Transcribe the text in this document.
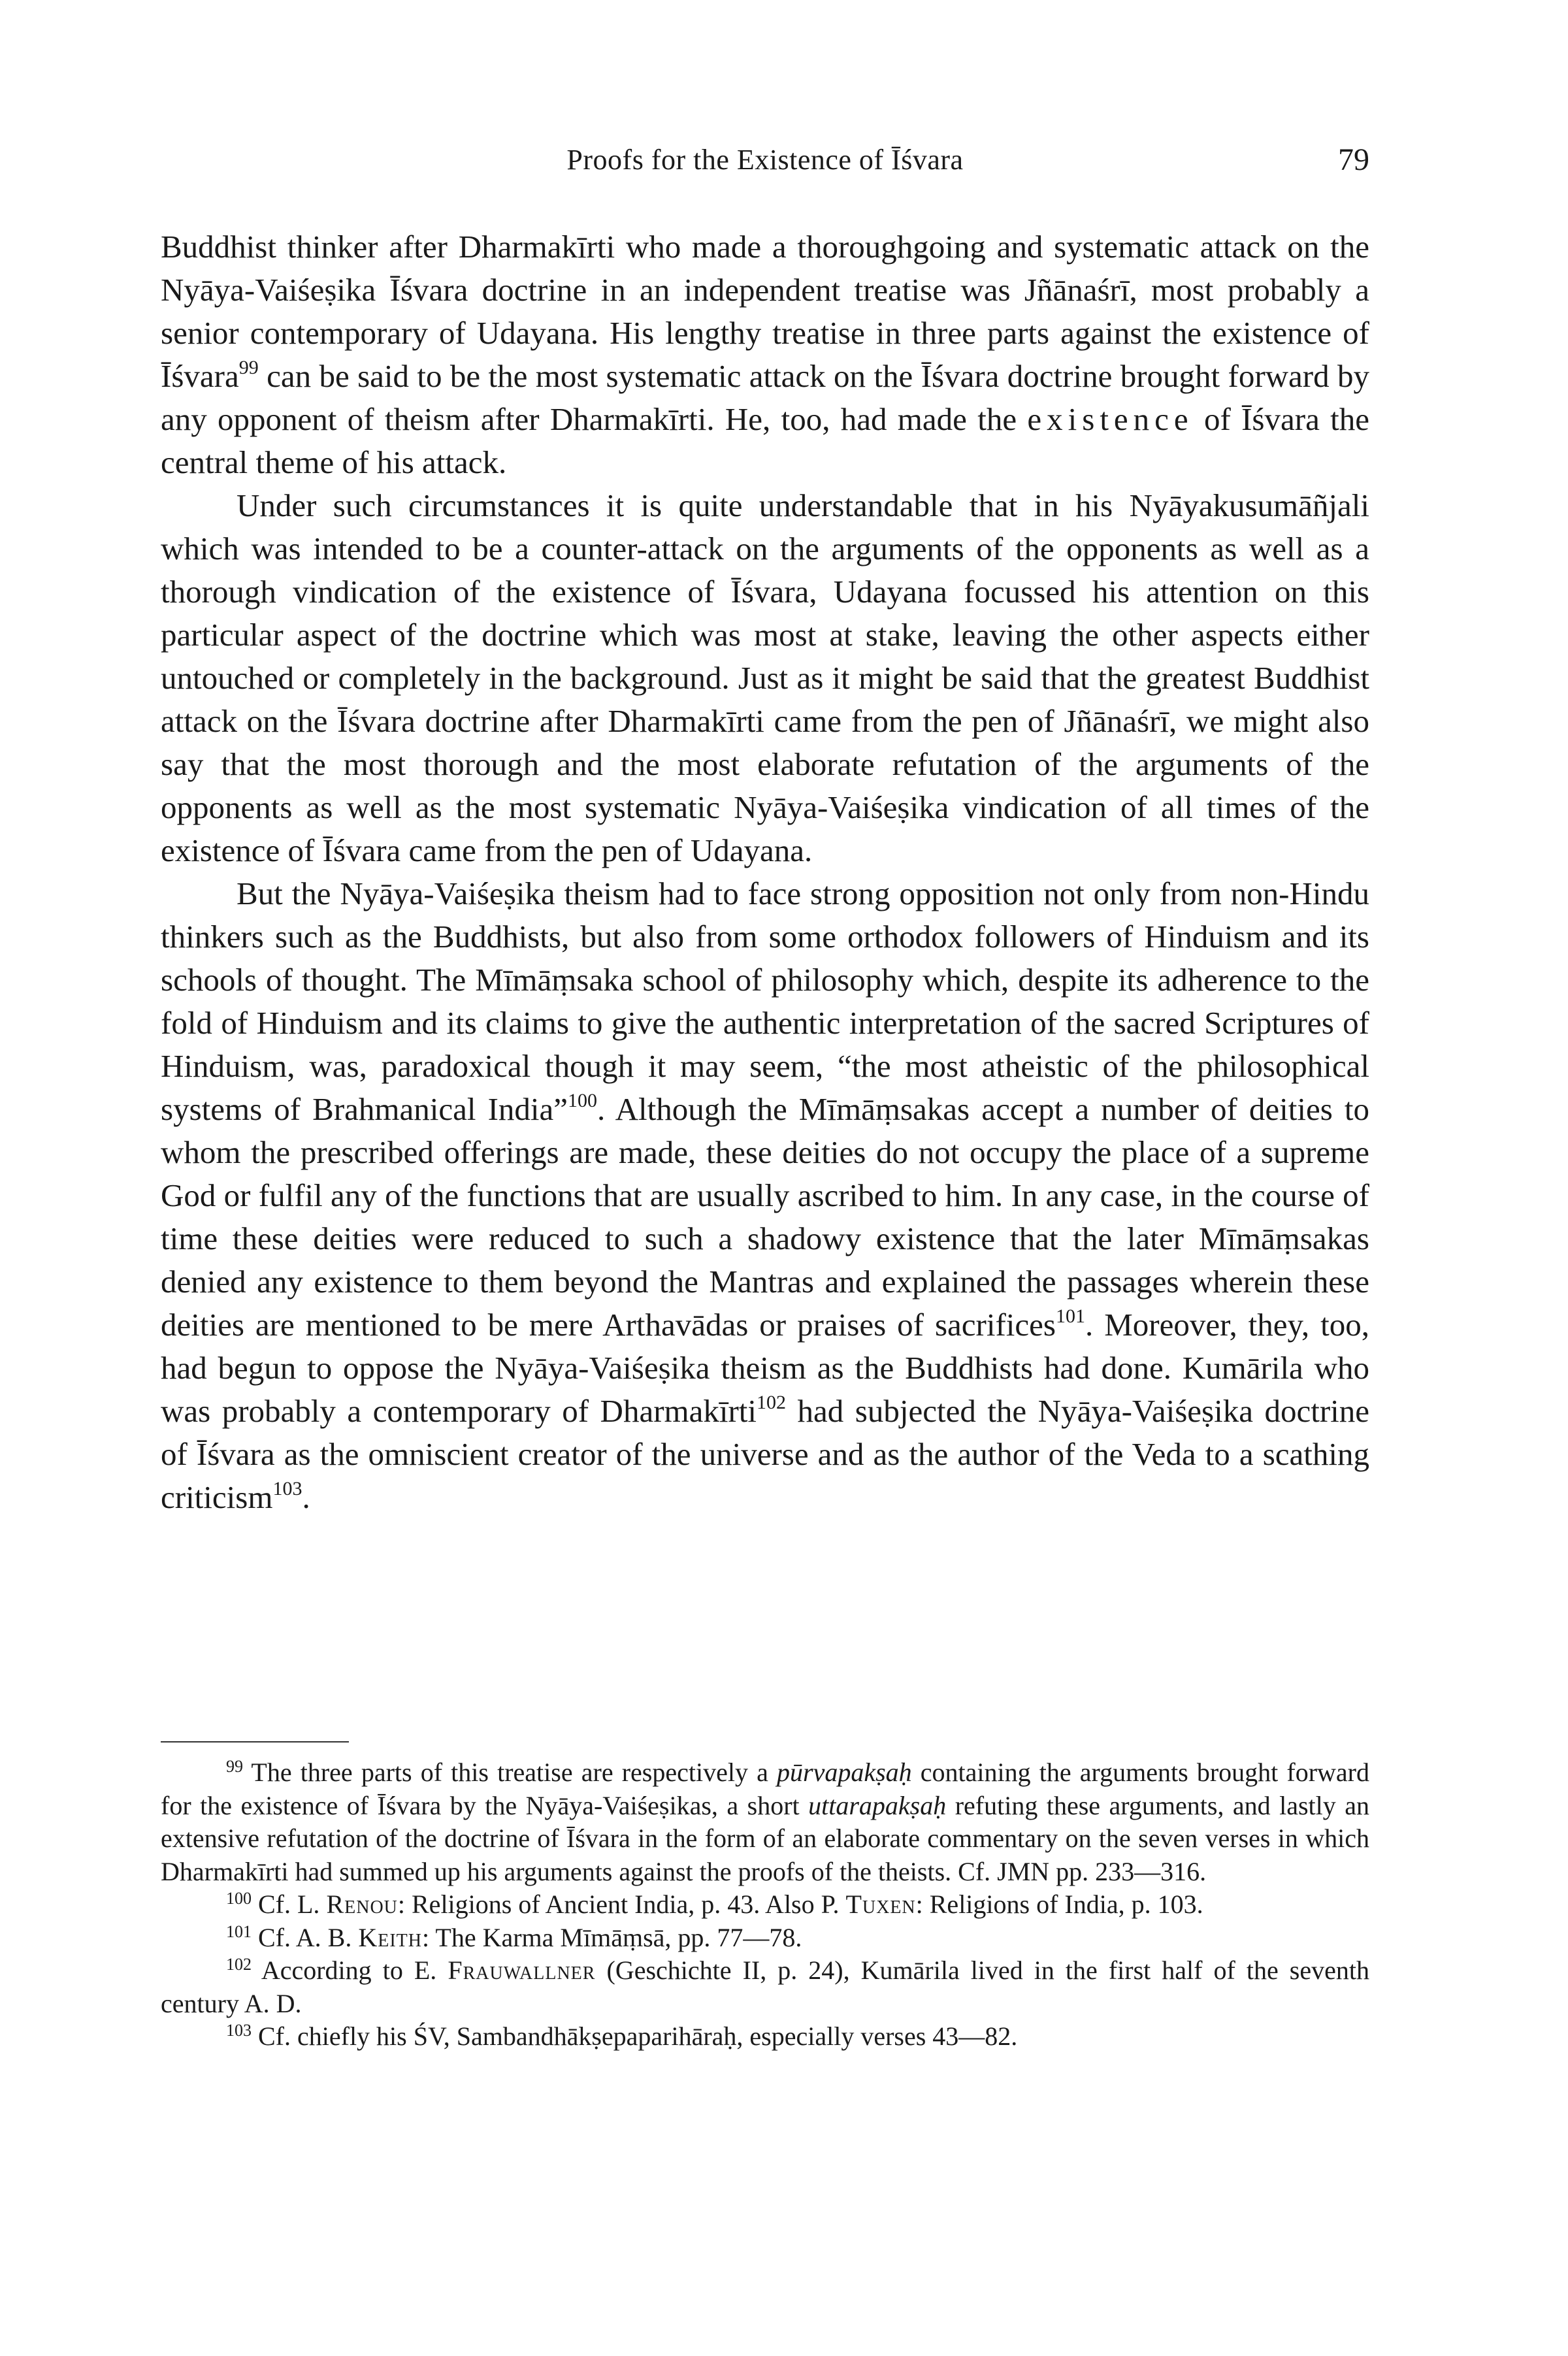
Proofs for the Existence of Īśvara	79

Buddhist thinker after Dharmakīrti who made a thoroughgoing and systematic attack on the Nyāya-Vaiśeṣika Īśvara doctrine in an independent treatise was Jñānaśrī, most probably a senior contemporary of Udayana. His lengthy treatise in three parts against the existence of Īśvara$^{99}$ can be said to be the most systematic attack on the Īśvara doctrine brought forward by any opponent of theism after Dharmakīrti. He, too, had made the existence of Īśvara the central theme of his attack.

Under such circumstances it is quite understandable that in his Nyāyakusumāñjali which was intended to be a counter-attack on the arguments of the opponents as well as a thorough vindication of the existence of Īśvara, Udayana focussed his attention on this particular aspect of the doctrine which was most at stake, leaving the other aspects either untouched or completely in the background. Just as it might be said that the greatest Buddhist attack on the Īśvara doctrine after Dharmakīrti came from the pen of Jñānaśrī, we might also say that the most thorough and the most elaborate refutation of the arguments of the opponents as well as the most systematic Nyāya-Vaiśeṣika vindication of all times of the existence of Īśvara came from the pen of Udayana.

But the Nyāya-Vaiśeṣika theism had to face strong opposition not only from non-Hindu thinkers such as the Buddhists, but also from some orthodox followers of Hinduism and its schools of thought. The Mīmāṃsaka school of philosophy which, despite its adherence to the fold of Hinduism and its claims to give the authentic interpretation of the sacred Scriptures of Hinduism, was, paradoxical though it may seem, “the most atheistic of the philosophical systems of Brahmanical India”$^{100}$. Although the Mīmāṃsakas accept a number of deities to whom the prescribed offerings are made, these deities do not occupy the place of a supreme God or fulfil any of the functions that are usually ascribed to him. In any case, in the course of time these deities were reduced to such a shadowy existence that the later Mīmāṃsakas denied any existence to them beyond the Mantras and explained the passages wherein these deities are mentioned to be mere Arthavādas or praises of sacrifices$^{101}$. Moreover, they, too, had begun to oppose the Nyāya-Vaiśeṣika theism as the Buddhists had done. Kumārila who was probably a contemporary of Dharmakīrti$^{102}$ had subjected the Nyāya-Vaiśeṣika doctrine of Īśvara as the omniscient creator of the universe and as the author of the Veda to a scathing criticism$^{103}$.

$^{99}$ The three parts of this treatise are respectively a pūrvapakṣaḥ containing the arguments brought forward for the existence of Īśvara by the Nyāya-Vaiśeṣikas, a short uttarapakṣaḥ refuting these arguments, and lastly an extensive refutation of the doctrine of Īśvara in the form of an elaborate commentary on the seven verses in which Dharmakīrti had summed up his arguments against the proofs of the theists. Cf. JMN pp. 233—316.

$^{100}$ Cf. L. Renou: Religions of Ancient India, p. 43. Also P. Tuxen: Religions of India, p. 103.

$^{101}$ Cf. A. B. Keith: The Karma Mīmāṃsā, pp. 77—78.

$^{102}$ According to E. Frauwallner (Geschichte II, p. 24), Kumārila lived in the first half of the seventh century A. D.

$^{103}$ Cf. chiefly his ŚV, Sambandhākṣepaparihāraḥ, especially verses 43—82.
